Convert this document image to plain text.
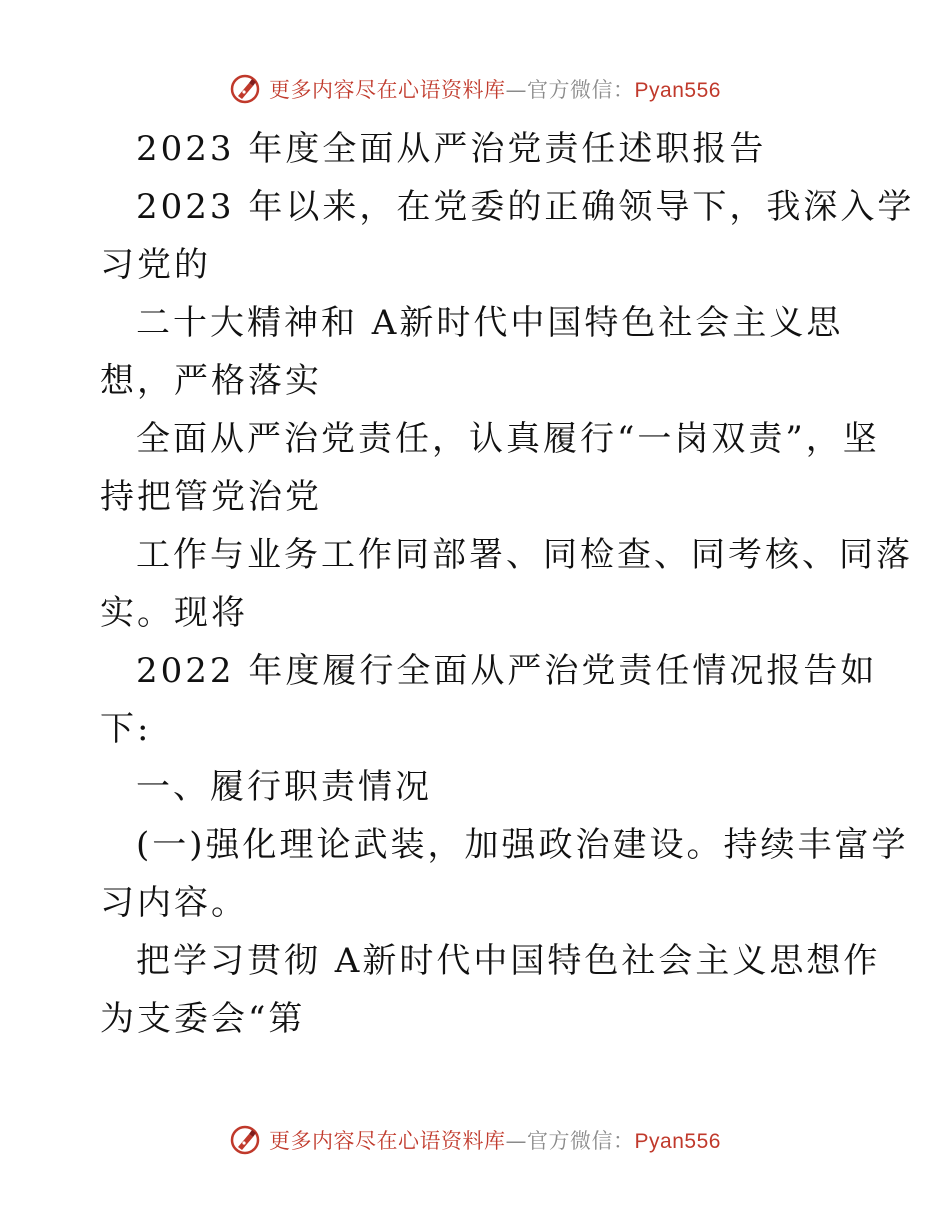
更多内容尽在心语资料库—官方微信：Pyan556
2023 年度全面从严治党责任述职报告
2023 年以来，在党委的正确领导下，我深入学
习党的
二十大精神和 A新时代中国特色社会主义思
想，严格落实
全面从严治党责任，认真履行“一岗双责”，坚
持把管党治党
工作与业务工作同部署、同检查、同考核、同落
实。现将
2022 年度履行全面从严治党责任情况报告如
下:
一、履行职责情况
(一)强化理论武装，加强政治建设。持续丰富学
习内容。
把学习贯彻 A新时代中国特色社会主义思想作
为支委会“第
更多内容尽在心语资料库—官方微信：Pyan556
